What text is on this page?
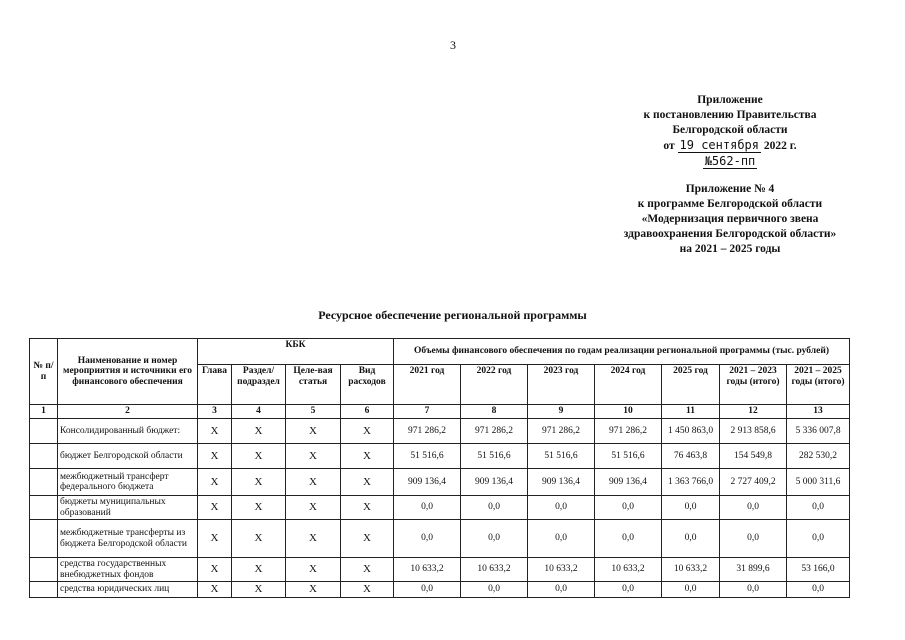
3
Приложение
к постановлению Правительства
Белгородской области
от 19 сентября 2022 г.
№562-пп
Приложение № 4
к программе Белгородской области
«Модернизация первичного звена
здравоохранения Белгородской области»
на 2021 – 2025 годы
Ресурсное обеспечение региональной программы
№ п/п	Наименование и номер мероприятия и источники его финансового обеспечения	КБК				Объемы финансового обеспечения по годам реализации региональной программы (тыс. рублей)						
		Глава	Раздел/ подраздел	Целе-вая статья	Вид расходов	2021 год	2022 год	2023 год	2024 год	2025 год	2021 – 2023 годы (итого)	2021 – 2025 годы (итого)
1	2	3	4	5	6	7	8	9	10	11	12	13
	Консолидированный бюджет:	Х	Х	Х	Х	971 286,2	971 286,2	971 286,2	971 286,2	1 450 863,0	2 913 858,6	5 336 007,8
	бюджет Белгородской области	Х	Х	Х	Х	51 516,6	51 516,6	51 516,6	51 516,6	76 463,8	154 549,8	282 530,2
	межбюджетный трансферт федерального бюджета	Х	Х	Х	Х	909 136,4	909 136,4	909 136,4	909 136,4	1 363 766,0	2 727 409,2	5 000 311,6
	бюджеты муниципальных образований	Х	Х	Х	Х	0,0	0,0	0,0	0,0	0,0	0,0	0,0
	межбюджетные трансферты из бюджета Белгородской области	Х	Х	Х	Х	0,0	0,0	0,0	0,0	0,0	0,0	0,0
	средства государственных внебюджетных фондов	Х	Х	Х	Х	10 633,2	10 633,2	10 633,2	10 633,2	10 633,2	31 899,6	53 166,0
	средства юридических лиц	Х	Х	Х	Х	0,0	0,0	0,0	0,0	0,0	0,0	0,0
